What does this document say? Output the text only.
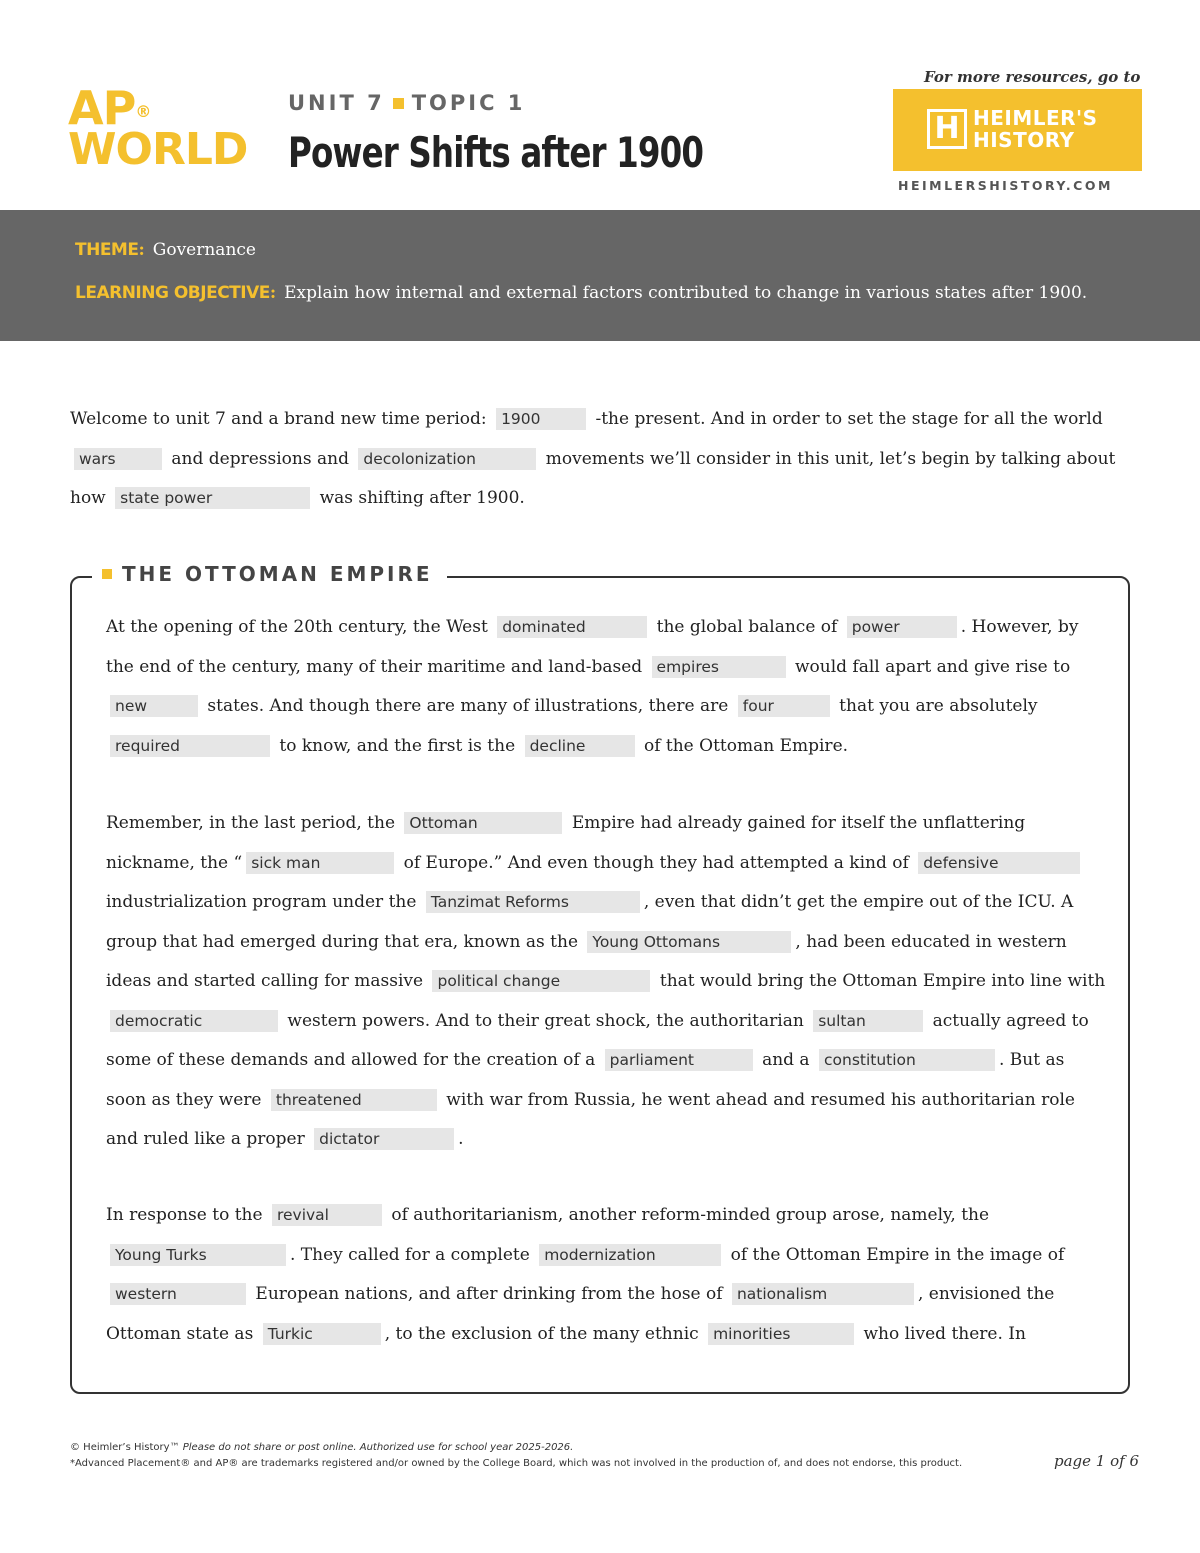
AP®
WORLD
UNIT 7 TOPIC 1
Power Shifts after 1900
For more resources, go to
H HEIMLER'S
HISTORY
HEIMLERSHISTORY.COM
THEME: Governance
LEARNING OBJECTIVE: Explain how internal and external factors contributed to change in various states after 1900.
Welcome to unit 7 and a brand new time period: 1900	-the present. And in order to set the stage for all the world wars	and depressions and decolonization	movements we’ll consider in this unit, let’s begin by talking about how state power	was shifting after 1900.
THE OTTOMAN EMPIRE
At the opening of the 20th century, the West dominated	the global balance of power	. However, by the end of the century, many of their maritime and land-based empires	would fall apart and give rise to new	states. And though there are many of illustrations, there are four	that you are absolutely required	to know, and the first is the decline	of the Ottoman Empire.
Remember, in the last period, the Ottoman	Empire had already gained for itself the unflattering nickname, the “ sick man	of Europe.” And even though they had attempted a kind of defensive industrialization program under the Tanzimat Reforms	, even that didn’t get the empire out of the ICU. A group that had emerged during that era, known as the Young Ottomans	, had been educated in western ideas and started calling for massive political change	that would bring the Ottoman Empire into line with democratic	western powers. And to their great shock, the authoritarian sultan	actually agreed to some of these demands and allowed for the creation of a parliament	and a constitution	. But as soon as they were threatened	with war from Russia, he went ahead and resumed his authoritarian role and ruled like a proper dictator	.
In response to the revival	of authoritarianism, another reform-minded group arose, namely, the Young Turks	. They called for a complete modernization	of the Ottoman Empire in the image of western	European nations, and after drinking from the hose of nationalism	, envisioned the Ottoman state as Turkic	, to the exclusion of the many ethnic minorities	who lived there. In
© Heimler’s History™ Please do not share or post online. Authorized use for school year 2025-2026.
*Advanced Placement® and AP® are trademarks registered and/or owned by the College Board, which was not involved in the production of, and does not endorse, this product.	page 1 of 6
